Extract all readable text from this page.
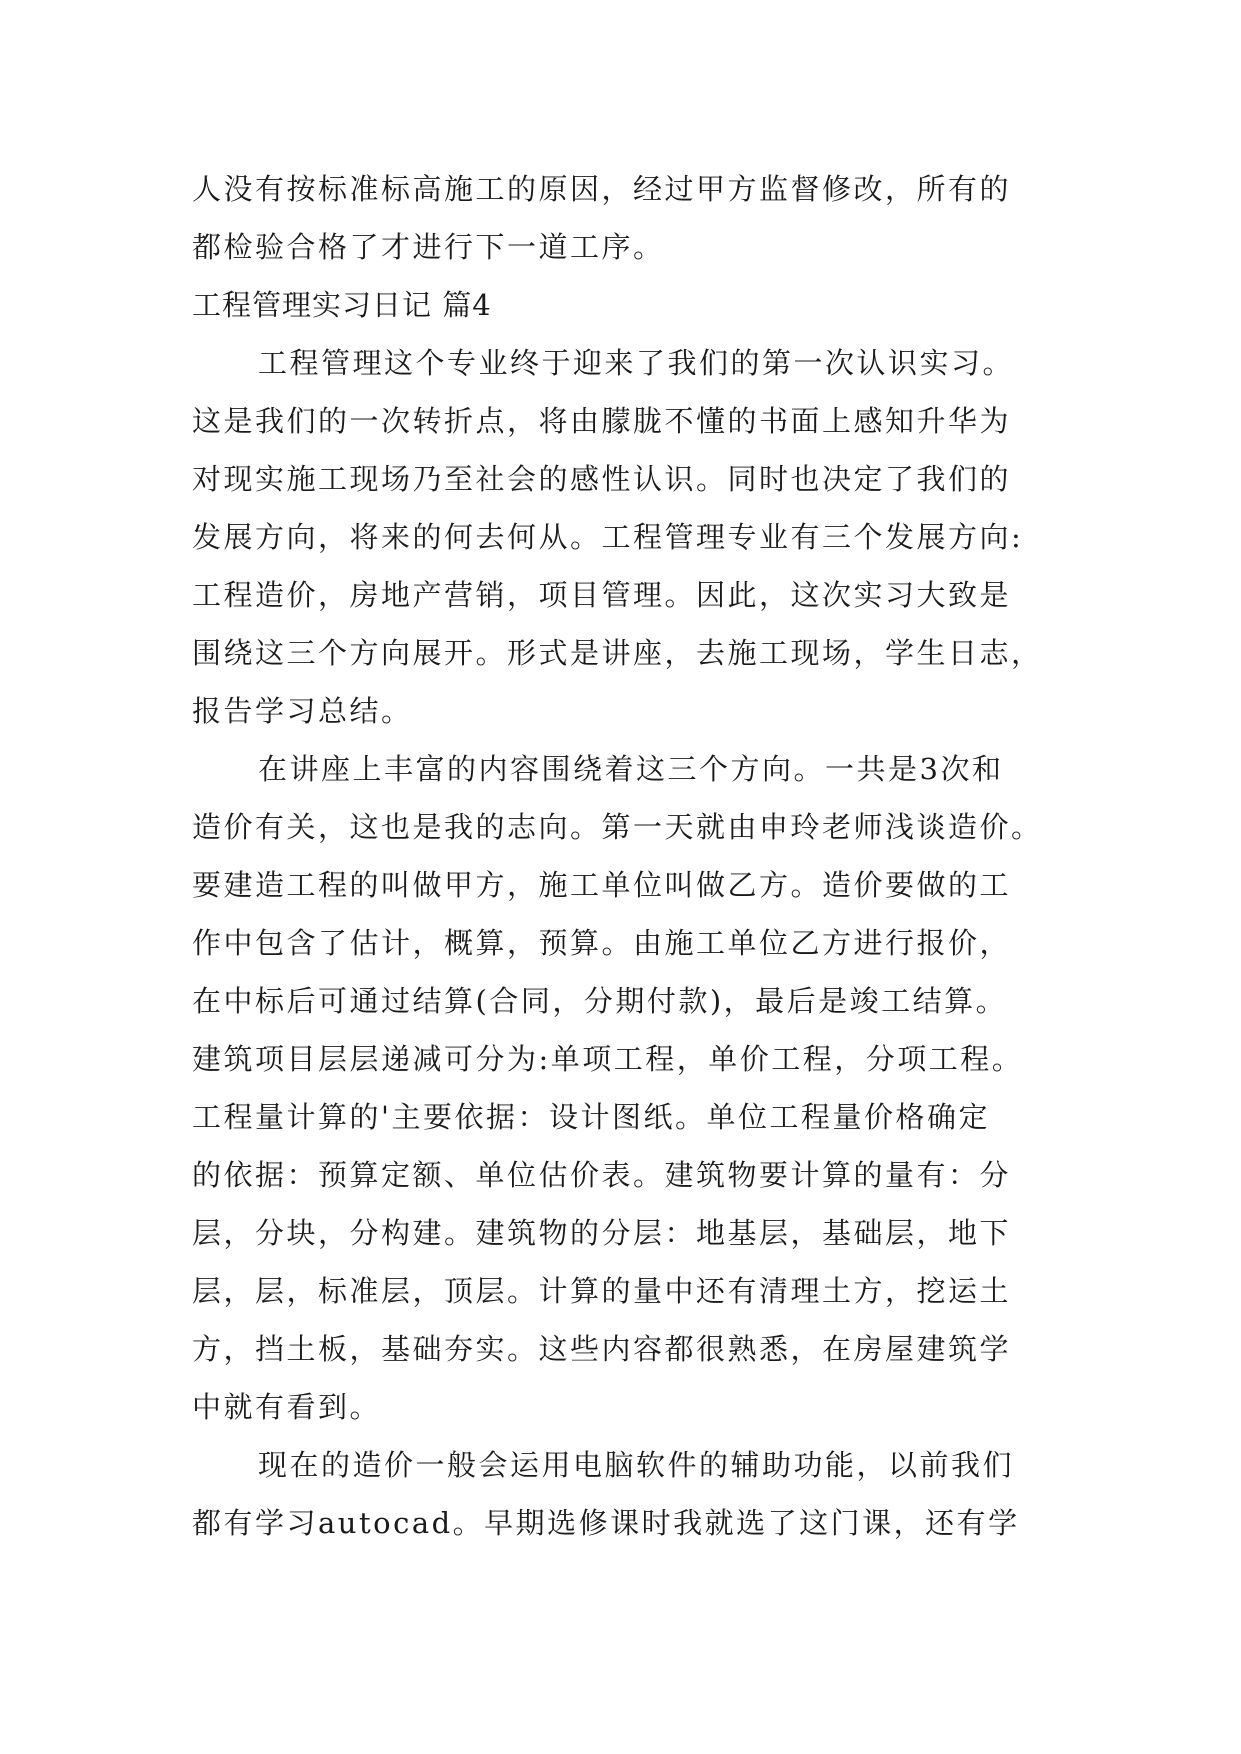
人没有按标准标高施工的原因，经过甲方监督修改，所有的
都检验合格了才进行下一道工序。
工程管理实习日记 篇4
工程管理这个专业终于迎来了我们的第一次认识实习。
这是我们的一次转折点，将由朦胧不懂的书面上感知升华为
对现实施工现场乃至社会的感性认识。同时也决定了我们的
发展方向，将来的何去何从。工程管理专业有三个发展方向:
工程造价，房地产营销，项目管理。因此，这次实习大致是
围绕这三个方向展开。形式是讲座，去施工现场，学生日志，
报告学习总结。
在讲座上丰富的内容围绕着这三个方向。一共是3次和
造价有关，这也是我的志向。第一天就由申玲老师浅谈造价。
要建造工程的叫做甲方，施工单位叫做乙方。造价要做的工
作中包含了估计，概算，预算。由施工单位乙方进行报价，
在中标后可通过结算(合同，分期付款)，最后是竣工结算。
建筑项目层层递减可分为:单项工程，单价工程，分项工程。
工程量计算的'主要依据：设计图纸。单位工程量价格确定
的依据：预算定额、单位估价表。建筑物要计算的量有：分
层，分块，分构建。建筑物的分层：地基层，基础层，地下
层，层，标准层，顶层。计算的量中还有清理土方，挖运土
方，挡土板，基础夯实。这些内容都很熟悉，在房屋建筑学
中就有看到。
现在的造价一般会运用电脑软件的辅助功能，以前我们
都有学习autocad。早期选修课时我就选了这门课，还有学
